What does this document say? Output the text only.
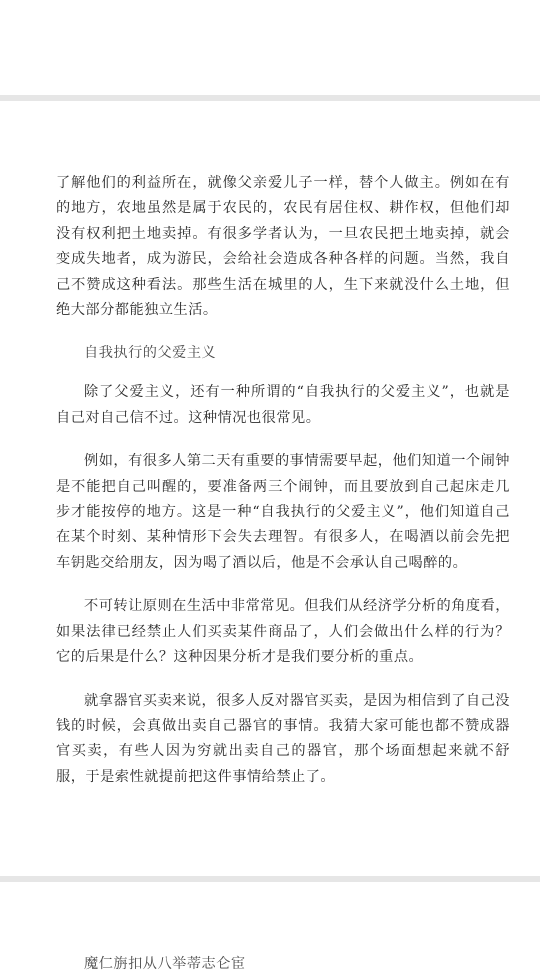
了解他们的利益所在，就像父亲爱儿子一样，替个人做主。例如在有的地方，农地虽然是属于农民的，农民有居住权、耕作权，但他们却没有权利把土地卖掉。有很多学者认为，一旦农民把土地卖掉，就会变成失地者，成为游民，会给社会造成各种各样的问题。当然，我自己不赞成这种看法。那些生活在城里的人，生下来就没什么土地，但绝大部分都能独立生活。

自我执行的父爱主义

除了父爱主义，还有一种所谓的“自我执行的父爱主义”，也就是自己对自己信不过。这种情况也很常见。

例如，有很多人第二天有重要的事情需要早起，他们知道一个闹钟是不能把自己叫醒的，要准备两三个闹钟，而且要放到自己起床走几步才能按停的地方。这是一种“自我执行的父爱主义”，他们知道自己在某个时刻、某种情形下会失去理智。有很多人，在喝酒以前会先把车钥匙交给朋友，因为喝了酒以后，他是不会承认自己喝醉的。

不可转让原则在生活中非常常见。但我们从经济学分析的角度看，如果法律已经禁止人们买卖某件商品了，人们会做出什么样的行为？它的后果是什么？这种因果分析才是我们要分析的重点。

就拿器官买卖来说，很多人反对器官买卖，是因为相信到了自己没钱的时候，会真做出卖自己器官的事情。我猜大家可能也都不赞成器官买卖，有些人因为穷就出卖自己的器官，那个场面想起来就不舒服，于是索性就提前把这件事情给禁止了。

魔仁旃扣从八举蒂志仑宦
